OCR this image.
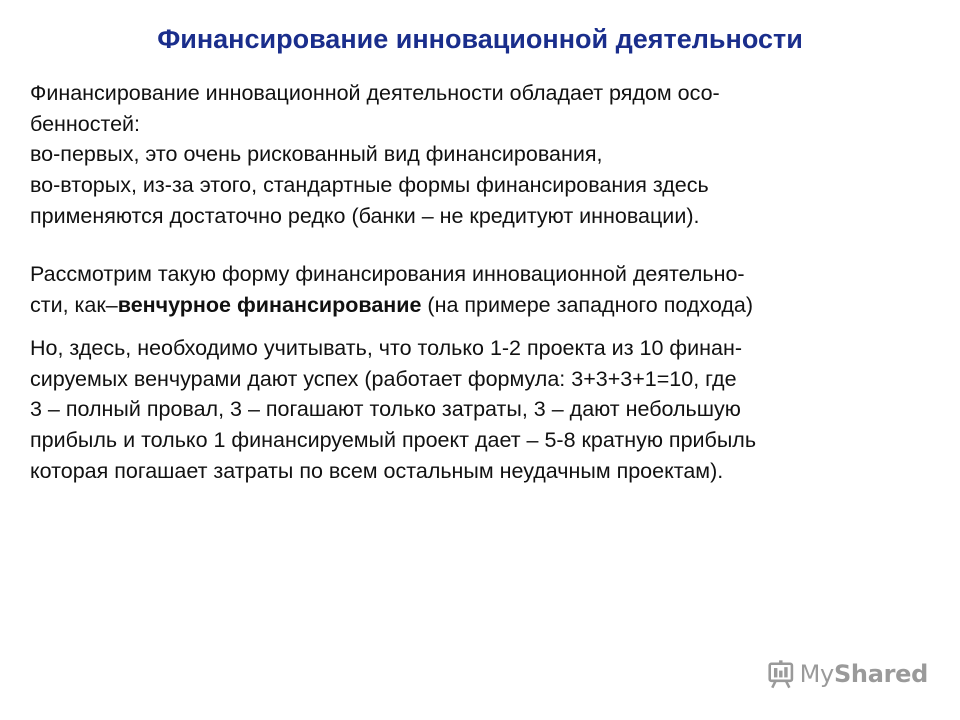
Финансирование инновационной деятельности
Финансирование инновационной деятельности обладает рядом осо-
бенностей:
во-первых, это очень рискованный вид финансирования,
во-вторых, из-за этого, стандартные формы финансирования здесь
применяются достаточно редко (банки – не кредитуют инновации).
Рассмотрим такую форму финансирования инновационной деятельно-
сти, как–венчурное финансирование (на примере западного подхода)
Но, здесь, необходимо учитывать, что только 1-2 проекта из 10 финан-
сируемых венчурами дают успех (работает формула: 3+3+3+1=10, где
3 – полный провал, 3 – погашают только затраты, 3 – дают небольшую
прибыль и только 1 финансируемый проект дает – 5-8 кратную прибыль
которая погашает затраты по всем остальным неудачным проектам).
MyShared
